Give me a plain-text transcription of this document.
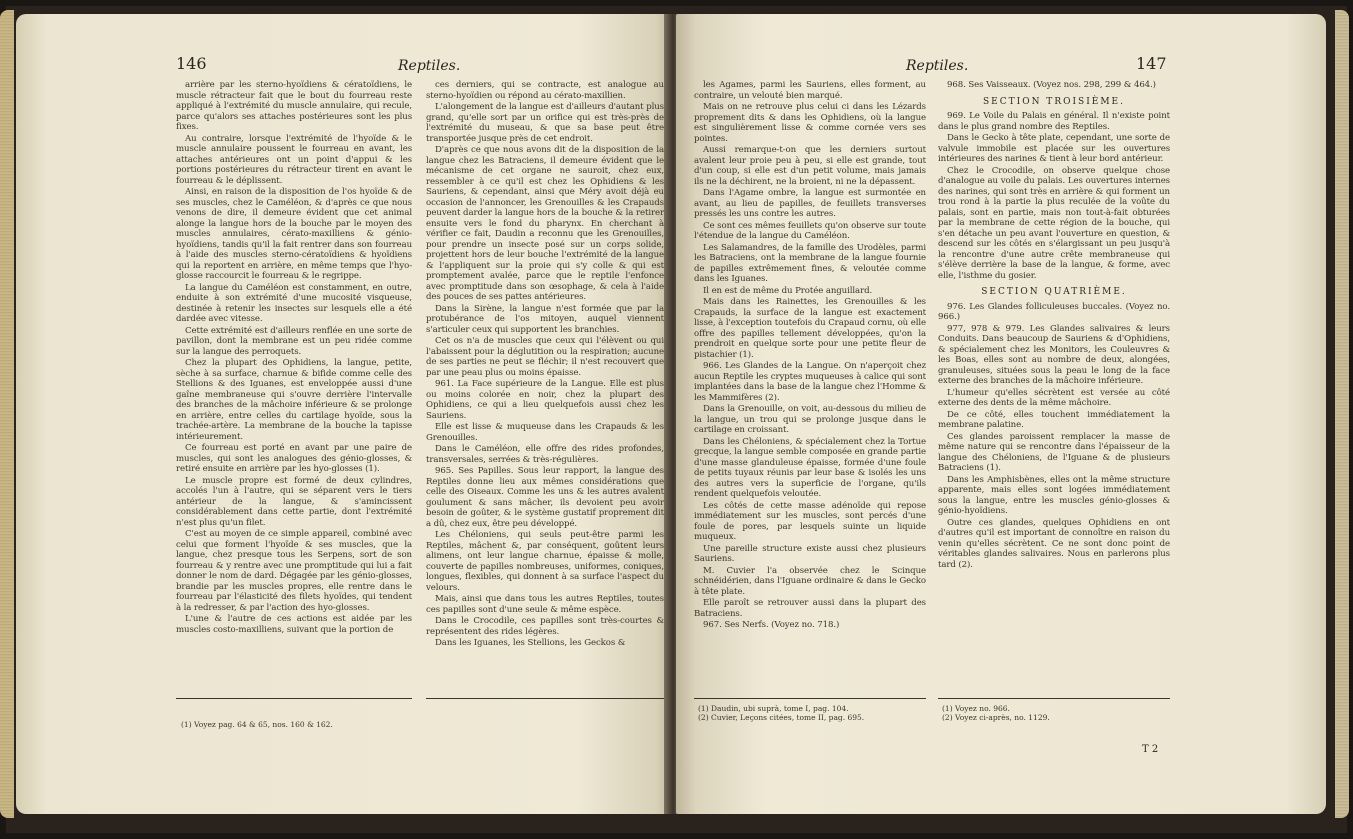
146	Reptiles.

arrière par les sterno-hyoïdiens & cératoïdiens, le muscle rétracteur fait que le bout du fourreau reste appliqué à l'extrémité du muscle annulaire, qui recule, parce qu'alors ses attaches postérieures sont les plus fixes.

Au contraire, lorsque l'extrémité de l'hyoïde & le muscle annulaire poussent le fourreau en avant, les attaches antérieures ont un point d'appui & les portions postérieures du rétracteur tirent en avant le fourreau & le déplissent.

Ainsi, en raison de la disposition de l'os hyoïde & de ses muscles, chez le Caméléon, & d'après ce que nous venons de dire, il demeure évident que cet animal alonge la langue hors de la bouche par le moyen des muscles annulaires, cérato-maxilliens & génio-hyoïdiens, tandis qu'il la fait rentrer dans son fourreau à l'aide des muscles sterno-cératoïdiens & hyoïdiens qui la reportent en arrière, en même temps que l'hyo-glosse raccourcit le fourreau & le regrippe.

La langue du Caméléon est constamment, en outre, enduite à son extrémité d'une mucosité visqueuse, destinée à retenir les insectes sur lesquels elle a été dardée avec vitesse.

Cette extrémité est d'ailleurs renflée en une sorte de pavillon, dont la membrane est un peu ridée comme sur la langue des perroquets.

Chez la plupart des Ophidiens, la langue, petite, sèche à sa surface, charnue & bifide comme celle des Stellions & des Iguanes, est enveloppée aussi d'une gaîne membraneuse qui s'ouvre derrière l'intervalle des branches de la mâchoire inférieure & se prolonge en arrière, entre celles du cartilage hyoïde, sous la trachée-artère. La membrane de la bouche la tapisse intérieurement.

Ce fourreau est porté en avant par une paire de muscles, qui sont les analogues des génio-glosses, & retiré ensuite en arrière par les hyo-glosses (1).

Le muscle propre est formé de deux cylindres, accolés l'un à l'autre, qui se séparent vers le tiers antérieur de la langue, & s'amincissent considérablement dans cette partie, dont l'extrémité n'est plus qu'un filet.

C'est au moyen de ce simple appareil, combiné avec celui que forment l'hyoïde & ses muscles, que la langue, chez presque tous les Serpens, sort de son fourreau & y rentre avec une promptitude qui lui a fait donner le nom de dard. Dégagée par les génio-glosses, brandie par les muscles propres, elle rentre dans le fourreau par l'élasticité des filets hyoïdes, qui tendent à la redresser, & par l'action des hyo-glosses.

L'une & l'autre de ces actions est aidée par les muscles costo-maxilliens, suivant que la portion de

ces derniers, qui se contracte, est analogue au sterno-hyoïdien ou répond au cérato-maxillien.

L'alongement de la langue est d'ailleurs d'autant plus grand, qu'elle sort par un orifice qui est très-près de l'extrémité du museau, & que sa base peut être transportée jusque près de cet endroit.

D'après ce que nous avons dit de la disposition de la langue chez les Batraciens, il demeure évident que le mécanisme de cet organe ne sauroit, chez eux, ressembler à ce qu'il est chez les Ophidiens & les Sauriens, & cependant, ainsi que Méry avoit déjà eu occasion de l'annoncer, les Grenouilles & les Crapauds peuvent darder la langue hors de la bouche & la retirer ensuite vers le fond du pharynx. En cherchant à vérifier ce fait, Daudin a reconnu que les Grenouilles, pour prendre un insecte posé sur un corps solide, projettent hors de leur bouche l'extrémité de la langue & l'appliquent sur la proie qui s'y colle & qui est promptement avalée, parce que le reptile l'enfonce avec promptitude dans son œsophage, & cela à l'aide des pouces de ses pattes antérieures.

Dans la Sirène, la langue n'est formée que par la protubérance de l'os mitoyen, auquel viennent s'articuler ceux qui supportent les branchies.

Cet os n'a de muscles que ceux qui l'élèvent ou qui l'abaissent pour la déglutition ou la respiration; aucune de ses parties ne peut se fléchir; il n'est recouvert que par une peau plus ou moins épaisse.

961. La Face supérieure de la Langue. Elle est plus ou moins colorée en noir, chez la plupart des Ophidiens, ce qui a lieu quelquefois aussi chez les Sauriens.

Elle est lisse & muqueuse dans les Crapauds & les Grenouilles.

Dans le Caméléon, elle offre des rides profondes, transversales, serrées & très-régulières.

965. Ses Papilles. Sous leur rapport, la langue des Reptiles donne lieu aux mêmes considérations que celle des Oiseaux. Comme les uns & les autres avalent goulument & sans mâcher, ils devoient peu avoir besoin de goûter, & le système gustatif proprement dit a dû, chez eux, être peu développé.

Les Chéloniens, qui seuls peut-être parmi les Reptiles, mâchent &, par conséquent, goûtent leurs alimens, ont leur langue charnue, épaisse & molle, couverte de papilles nombreuses, uniformes, coniques, longues, flexibles, qui donnent à sa surface l'aspect du velours.

Mais, ainsi que dans tous les autres Reptiles, toutes ces papilles sont d'une seule & même espèce.

Dans le Crocodile, ces papilles sont très-courtes & représentent des rides légères.

Dans les Iguanes, les Stellions, les Geckos &

(1) Voyez pag. 64 & 65, nos. 160 & 162.
Reptiles.	147

les Agames, parmi les Sauriens, elles forment, au contraire, un velouté bien marqué.

Mais on ne retrouve plus celui ci dans les Lézards proprement dits & dans les Ophidiens, où la langue est singulièrement lisse & comme cornée vers ses pointes.

Aussi remarque-t-on que les derniers surtout avalent leur proie peu à peu, si elle est grande, tout d'un coup, si elle est d'un petit volume, mais jamais ils ne la déchirent, ne la broient, ni ne la dépassent.

Dans l'Agame ombre, la langue est surmontée en avant, au lieu de papilles, de feuillets transverses pressés les uns contre les autres.

Ce sont ces mêmes feuillets qu'on observe sur toute l'étendue de la langue du Caméléon.

Les Salamandres, de la famille des Urodèles, parmi les Batraciens, ont la membrane de la langue fournie de papilles extrêmement fines, & veloutée comme dans les Iguanes.

Il en est de même du Protée anguillard.

Mais dans les Rainettes, les Grenouilles & les Crapauds, la surface de la langue est exactement lisse, à l'exception toutefois du Crapaud cornu, où elle offre des papilles tellement développées, qu'on la prendroit en quelque sorte pour une petite fleur de pistachier (1).

966. Les Glandes de la Langue. On n'aperçoit chez aucun Reptile les cryptes muqueuses à calice qui sont implantées dans la base de la langue chez l'Homme & les Mammifères (2).

Dans la Grenouille, on voit, au-dessous du milieu de la langue, un trou qui se prolonge jusque dans le cartilage en croissant.

Dans les Chéloniens, & spécialement chez la Tortue grecque, la langue semble composée en grande partie d'une masse glanduleuse épaisse, formée d'une foule de petits tuyaux réunis par leur base & isolés les uns des autres vers la superficie de l'organe, qu'ils rendent quelquefois veloutée.

Les côtés de cette masse adénoïde qui repose immédiatement sur les muscles, sont percés d'une foule de pores, par lesquels suinte un liquide muqueux.

Une pareille structure existe aussi chez plusieurs Sauriens.

M. Cuvier l'a observée chez le Scinque schnéidérien, dans l'Iguane ordinaire & dans le Gecko à tête plate.

Elle paroît se retrouver aussi dans la plupart des Batraciens.

967. Ses Nerfs. (Voyez no. 718.)

968. Ses Vaisseaux. (Voyez nos. 298, 299 & 464.)

SECTION TROISIÈME.

969. Le Voile du Palais en général. Il n'existe point dans le plus grand nombre des Reptiles.

Dans le Gecko à tête plate, cependant, une sorte de valvule immobile est placée sur les ouvertures intérieures des narines & tient à leur bord antérieur.

Chez le Crocodile, on observe quelque chose d'analogue au voile du palais. Les ouvertures internes des narines, qui sont très en arrière & qui forment un trou rond à la partie la plus reculée de la voûte du palais, sont en partie, mais non tout-à-fait obturées par la membrane de cette région de la bouche, qui s'en détache un peu avant l'ouverture en question, & descend sur les côtés en s'élargissant un peu jusqu'à la rencontre d'une autre crête membraneuse qui s'élève derrière la base de la langue, & forme, avec elle, l'isthme du gosier.

SECTION QUATRIÈME.

976. Les Glandes folliculeuses buccales. (Voyez no. 966.)

977, 978 & 979. Les Glandes salivaires & leurs Conduits. Dans beaucoup de Sauriens & d'Ophidiens, & spécialement chez les Monitors, les Couleuvres & les Boas, elles sont au nombre de deux, alongées, granuleuses, situées sous la peau le long de la face externe des branches de la mâchoire inférieure.

L'humeur qu'elles sécrètent est versée au côté externe des dents de la même mâchoire.

De ce côté, elles touchent immédiatement la membrane palatine.

Ces glandes paroissent remplacer la masse de même nature qui se rencontre dans l'épaisseur de la langue des Chéloniens, de l'Iguane & de plusieurs Batraciens (1).

Dans les Amphisbènes, elles ont la même structure apparente, mais elles sont logées immédiatement sous la langue, entre les muscles génio-glosses & génio-hyoïdiens.

Outre ces glandes, quelques Ophidiens en ont d'autres qu'il est important de connoître en raison du venin qu'elles sécrètent. Ce ne sont donc point de véritables glandes salivaires. Nous en parlerons plus tard (2).

(1) Daudin, ubi suprà, tome I, pag. 104.
(2) Cuvier, Leçons citées, tome II, pag. 695.
(1) Voyez no. 966.
(2) Voyez ci-après, no. 1129.
T 2
